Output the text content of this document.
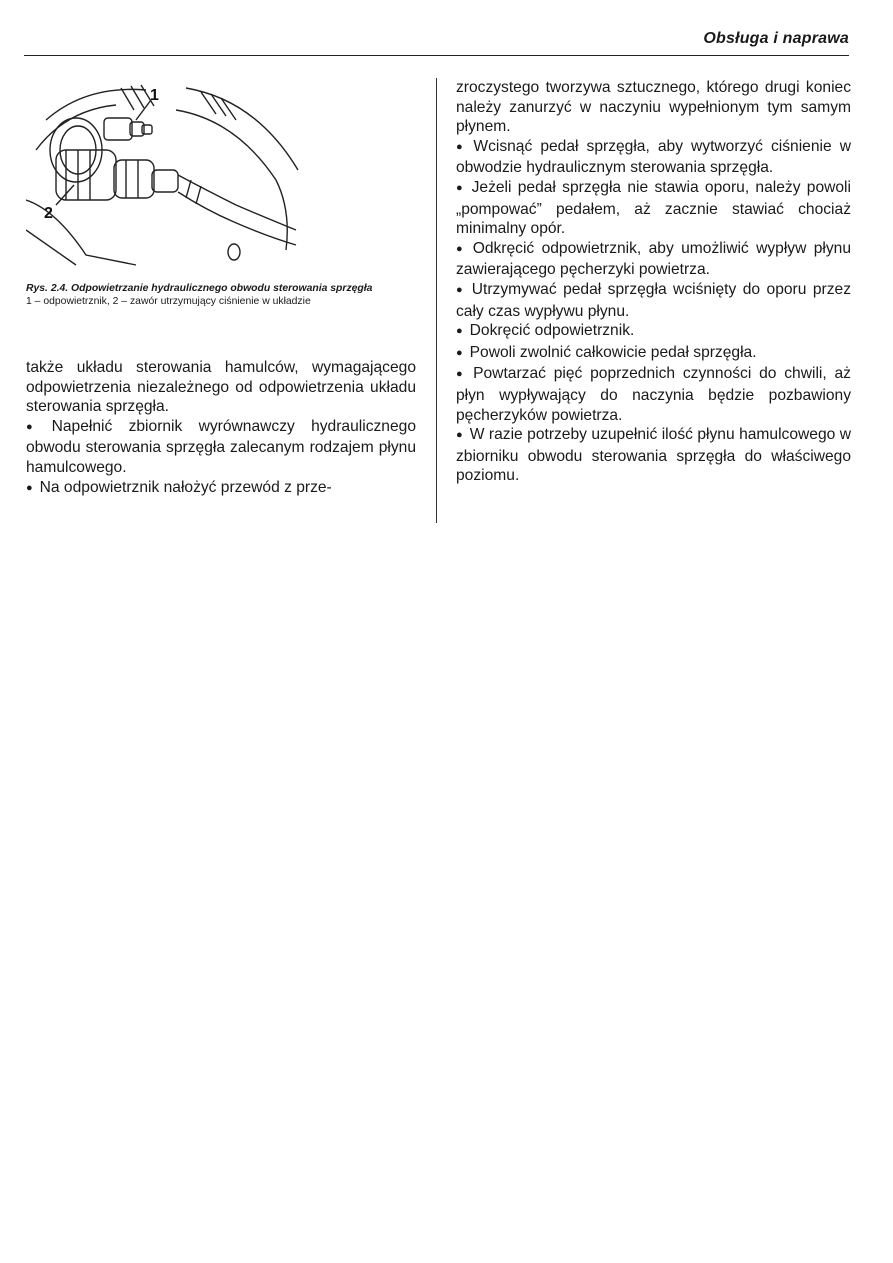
Obsługa i naprawa
1
2
Rys. 2.4. Odpowietrzanie hydraulicznego obwodu sterowania sprzęgła
1 – odpowietrznik, 2 – zawór utrzymujący ciśnienie w układzie

także układu sterowania hamulców, wymagającego odpowietrzenia niezależnego od odpowietrzenia układu sterowania sprzęgła.

● Napełnić zbiornik wyrównawczy hydraulicznego obwodu sterowania sprzęgła zalecanym rodzajem płynu hamulcowego.

● Na odpowietrznik nałożyć przewód z prze-

zroczystego tworzywa sztucznego, którego drugi koniec należy zanurzyć w naczyniu wypełnionym tym samym płynem.

● Wcisnąć pedał sprzęgła, aby wytworzyć ciśnienie w obwodzie hydraulicznym sterowania sprzęgła.

● Jeżeli pedał sprzęgła nie stawia oporu, należy powoli „pompować” pedałem, aż zacznie stawiać chociaż minimalny opór.

● Odkręcić odpowietrznik, aby umożliwić wypływ płynu zawierającego pęcherzyki powietrza.

● Utrzymywać pedał sprzęgła wciśnięty do oporu przez cały czas wypływu płynu.

● Dokręcić odpowietrznik.

● Powoli zwolnić całkowicie pedał sprzęgła.

● Powtarzać pięć poprzednich czynności do chwili, aż płyn wypływający do naczynia będzie pozbawiony pęcherzyków powietrza.

● W razie potrzeby uzupełnić ilość płynu hamulcowego w zbiorniku obwodu sterowania sprzęgła do właściwego poziomu.
